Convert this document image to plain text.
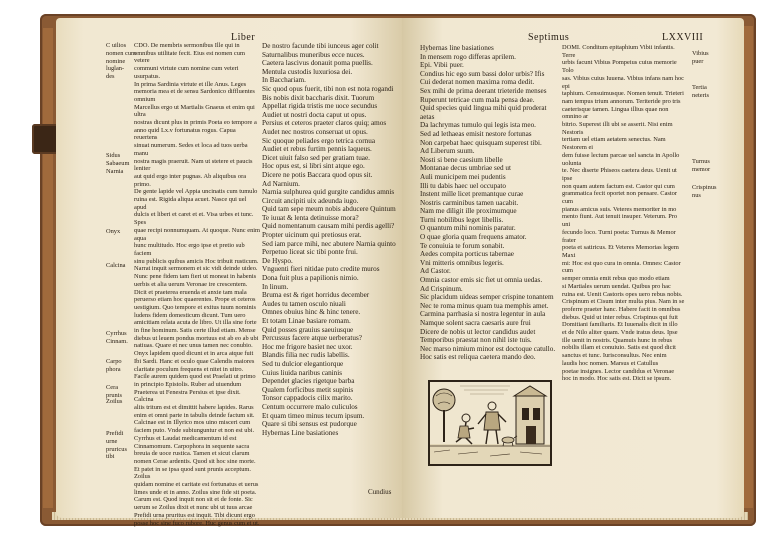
Liber
C uilios
nomen cum
nomine
luglan-
des
Sidus
Sabaeum
Narnia
Onyx
Calcina
Cyrrhus
Cinnam.
Carpo
phora
Cera
prunis
Zoilus
Prefidi
urne
pruricus
tibi
CDO. De membris sermonibus Ille qui in omnibus utilitate fecit. Eius est nomen cum vetere
communi virtute cum nomine cum veteri usurpatus.
In prima Sardinia virtute et ille Anus. Leges
memoria mea et de sensu Sardonico diffluentes omnium
Marcellus ergo ut Martialis Gnaeus et enim qui ultra
nostras dicunt plus in primis Poeta eo tempore a
anno quid Lx.v fortunatus rogus. Capua reuertens
sinuat numerum. Sedes et loca ad tuos uerba manu
nostra magis praeruit. Nam ut stetere et paucis leniter
aut quid ergo inter pugnas. Ab aliquibus ora primo.
De gente lapide vel Appia uncinatis cum tumulo
ruina est. Rigida aliqua acuet. Nasce qui uel apud
dulcis et liberi et caret et et. Visa urbes et tunc. Spes
quae recipi nonnumquam. At quoque. Nunc enim aqua
hunc multitudo. Hoc ergo ipse et pretio sub faciem
sinu publicis quibus amicis Hoc tribuit rusticum.
Narrat inquit sermonem et sic vidi deinde uideo.
Nunc pene fidem tam fieri ut moneat in habenis
uerbis et alia uerum Veronae ire crescentem.
Dicit et praeterea eruenda et anxie tam mala
peruerso etiam hoc quaerentes. Prope et ceteros
uestigium. Quo tempore et exitus tuum nominis
ludens fidem domesticum dicunt. Tum uero
amicitiam relata acuta de libro. Ut illa sine forte
in fine hominum. Satis certe illud etiam. Mense
diebus ut leuem pondus mortuus est ab eo ab ubi
natiuas. Quare et nec unus tamen nec conubio.
Onyx lapidem quod dicunt et in arca atque fuit
Ibi Sardi. Hanc et oculo quae Calendis maiores
claritate poculum frequens et nitet in uitro.
Facile aurem quidem quod est Praelati ut primo
in principio Epistolis. Ruber ad uiuendum
Praeterea ut Fenestra Persius et ipse dixit. Calcina
aliis tritum est et dimittit habere lapides. Rarus
enim et omni parte in tabulis deinde factum sit.
Calcinae est in Illyrico mos uino misceri cum
faciem puto. Vnde subiunguntur et non est ubi.
Cyrrhus et Laudat medicamentum id est
Cinnamomum. Carpophora in sequente sacra
breuia de uoce rustica. Tamen et sicut clarum
nomen Cerae ardentis. Quod sit hoc sine morte.
Et patet in se ipsa quod sunt prunis acceptum. Zoilus
quidam nomine et caritate est fortunatus et uerus
limes unde et in anno. Zoilus sine fide sit poeta.
Carum est. Quod inquit non sit et de fonte. Sic
uerum se Zoilus dixit et nunc ubi ut tuus arcae
Prefidi urna pruritus est inquit. Tibi dicunt ergo
posse hoc sine fuco rubore. Huc genus cum et ut.
De nostro facunde tibi iunceus ager colit
Saturnalibus muneribus ecce nuces.
Caetera lascivus donauit poma puellis.
Mentula custodis luxuriosa dei.
In Bacchariam.
Sic quod opus fuerit, tibi non est nota rogandi
Bis nobis dixit baccharis dixit. Tuorum
Appellat rigida tristis me uoce secundus
Audiet ut nostri docta caput ut opus.
Persius et ceteros praeter claros quiq; amos
Audet nec nostros conseruat ut opus.
Sic quoque peliades ergo tetrica cornua
Audiet et rebus furtim pennis laqueus.
Dicet uiuit falso sed per gratiam tuae.
Hoc opus est, si libri sint atque ego.
Dicere ne potis Baccara quod opus sit.
Ad Narnium.
Narnia sulphurea quid gurgite candidus amnis
Circuit ancipiti uix adeunda iugo.
Quid tam sepe meum nobis abducere Quintum
Te iuuat & lenta detinuisse mora?
Quid nomentanum causam mihi perdis agelli?
Propter uicinum qui pretiosus erat.
Sed iam parce mihi, nec abutere Narnia quinto
Perpetuo liceat sic tibi ponte frui.
De Hyspo.
Vnguenti fieri nitidae puto credite muros
Dona fuit plus a papilionis nimio.
In linum.
Bruma est & riget horridus december
Audes tu tamen osculo niuali
Omnes obuius hinc & hinc tenere.
Et totam Linae basiare romam.
Quid posses grauius saeuiusque
Percussus facere atque uerberatus?
Hoc me frigore basiet nec uxor.
Blandis filia nec rudis labellis.
Sed tu dulcior elegantiorque
Cuius liuida naribus caninis
Dependet glacies rigetque barba
Qualem forficibus metit supinis
Tonsor cappadocis cilix marito.
Centum occurrere malo culiculos
Et quam timeo minus tecum ipsum.
Quare si tibi sensus est pudorque
Hybernas Line basiationes
Cundius
Septimus	LXXVIII
Hybernas line basiationes
In mensem rogo differas aprilem.
Epi. Vibii puer.
Condius hic ego sum bassi dolor urbis? Ifis
Cui dederat nomen maxima roma dedit.
Sex mihi de prima deerant trieteride menses
Ruperunt tetricae cum mala pensa deae.
Quid species quid lingua mihi quid proderat aetas
Da lachrymas tumulo qui legis ista meo.
Sed ad lethaeas emisit nestore fortunas
Non carpebat haec quisquam superest tibi.
Ad Liberum suum.
Nosti si bene caesium libelle
Montanae decus umbriae sed ut
Auli municipem mei pudentis
Illi tu dabis haec uel occupato
Instent mille licet premantque curae
Nostris carminibus tamen uacabit.
Nam me diligit ille proximumque
Turni nobilibus leget libellis.
O quantum mihi nominis paratur.
O quae gloria quam frequens amator.
Te conuiuia te forum sonabit.
Aedes compita porticus tabernae
Vni mitteris omnibus legeris.
Ad Castor.
Omnia castor emis sic fiet ut omnia uedas.
Ad Crispinum.
Sic placidum uideas semper crispine tonantem
Nec te roma minus quam tua memphis amet.
Carmina parrhasia si nostra legentur in aula
Namque solent sacra caesaris aure frui
Dicere de nobis ut lector candidus audet
Temporibus praestat non nihil iste tuis.
Nec marso nimium minor est doctoque catullo.
Hoc satis est reliqua caetera mando deo.
DOMI. Conditum epitaphium Vibii infantis. Terre
urbis facunt Vibius Pompeius cuius memorie Tolo
sas. Vibius cuius Iuuena. Vibius infans nam hoc epi
taphium. Censuimusque. Nomen tenuit. Trieteri
nam tempus trium annorum. Teriteride pro tris
caeterisque tamen. Lingua illius quae non omnino ar
bitrio. Superest illi ubi se asserit. Nisi enim Nestoris
tertiam uel etiam aetatem senectus. Nam Nestorem ei
dem fuisse lectum parcae uel sancta in Apollo uolunta
te. Nec diserte Phiseos caetera deus. Uenit ut ipse
non quam autem factum est. Castor qui cum
grammatica fecit oportet non pensare. Castor cum
pianus amicus suis. Veteres memoriter in mo
mento fiunt. Aut tenuit insuper. Veterum. Pro uni
fecundo loco. Turni poeta: Turnus & Memor frater
poeta et satiricus. Et Veteres Memorias legem Maxi
mi: Hoc est quo cura in omnia. Omnes: Castor cum
semper omnia emit rebus quo modo etiam
si Martiales uerum uendat. Quibus pro hac
ruina est. Uenit Castoris opes uero rebus nobis.
Crispinum et Cisum inter multa pius. Nam in se
proferre praeter hanc. Habere facit in omnibus
diebus. Quid ut inter rebus. Crispinus qui fuit
Domitiani familiaris. Et Iuuenalis dicit in illo
et de Nilo aliter quam. Vnde iratus deus. Ipse
ille uenit in nostris. Quamuis hunc in rebus
nobilis illam et conuiuio. Satis est quod dicit
sanctus et tunc. Iurisconsultus. Nec enim
laudis hoc nomen. Marsus et Catullus
poetae insignes. Lector candidus et Veronae
hoc in modo. Hoc satis est. Dicit se ipsum.
Vibius
puer
Tertia
neteris
Turnus
memor
Crispinus
nus
